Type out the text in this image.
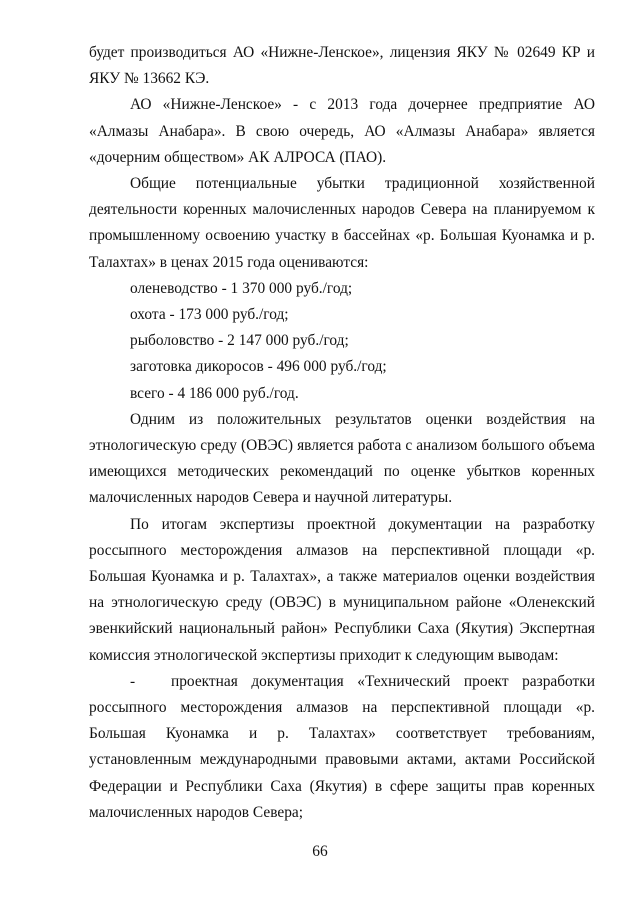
будет производиться АО «Нижне-Ленское», лицензия ЯКУ № 02649 КР и ЯКУ № 13662 КЭ.

АО «Нижне-Ленское» - с 2013 года дочернее предприятие АО «Алмазы Анабара». В свою очередь, АО «Алмазы Анабара» является «дочерним обществом» АК АЛРОСА (ПАО).

Общие потенциальные убытки традиционной хозяйственной деятельности коренных малочисленных народов Севера на планируемом к промышленному освоению участку в бассейнах «р. Большая Куонамка и р. Талахтах» в ценах 2015 года оцениваются:

оленеводство - 1 370 000 руб./год;

охота - 173 000 руб./год;

рыболовство - 2 147 000 руб./год;

заготовка дикоросов - 496 000 руб./год;

всего - 4 186 000 руб./год.

Одним из положительных результатов оценки воздействия на этнологическую среду (ОВЭС) является работа с анализом большого объема имеющихся методических рекомендаций по оценке убытков коренных малочисленных народов Севера и научной литературы.

По итогам экспертизы проектной документации на разработку россыпного месторождения алмазов на перспективной площади «р. Большая Куонамка и р. Талахтах», а также материалов оценки воздействия на этнологическую среду (ОВЭС) в муниципальном районе «Оленекский эвенкийский национальный район» Республики Саха (Якутия) Экспертная комиссия этнологической экспертизы приходит к следующим выводам:

- проектная документация «Технический проект разработки россыпного месторождения алмазов на перспективной площади «р. Большая Куонамка и р. Талахтах» соответствует требованиям, установленным международными правовыми актами, актами Российской Федерации и Республики Саха (Якутия) в сфере защиты прав коренных малочисленных народов Севера;

66
